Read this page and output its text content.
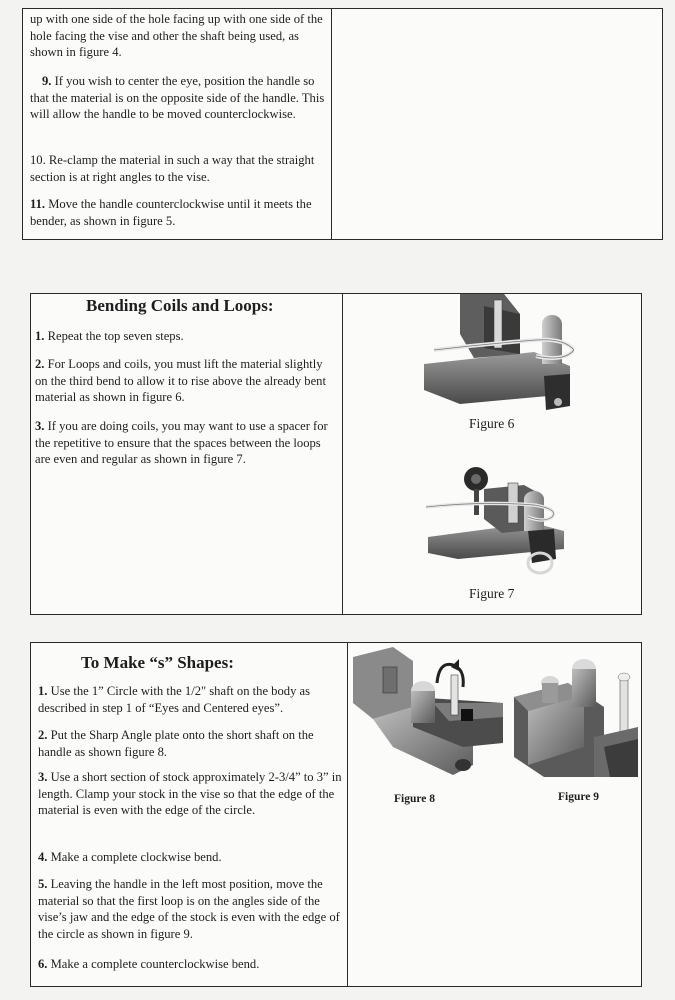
up with one side of the hole facing up with one side of the hole facing the vise and other the shaft being used, as shown in figure 4.

9. If you wish to center the eye, position the handle so that the material is on the opposite side of the handle. This will allow the handle to be moved counterclockwise.

10. Re-clamp the material in such a way that the straight section is at right angles to the vise.

11. Move the handle counterclockwise until it meets the bender, as shown in figure 5.

Bending Coils and Loops:

1. Repeat the top seven steps.

2. For Loops and coils, you must lift the material slightly on the third bend to allow it to rise above the already bent material as shown in figure 6.

3. If you are doing coils, you may want to use a spacer for the repetitive to ensure that the spaces between the loops are even and regular as shown in figure 7.

Figure 6
Figure 7
To Make “s” Shapes:

1. Use the 1” Circle with the 1/2" shaft on the body as described in step 1 of “Eyes and Centered eyes”.

2. Put the Sharp Angle plate onto the short shaft on the handle as shown figure 8.

3. Use a short section of stock approximately 2-3/4” to 3” in length. Clamp your stock in the vise so that the edge of the material is even with the edge of the circle.

4. Make a complete clockwise bend.

5. Leaving the handle in the left most position, move the material so that the first loop is on the angles side of the vise’s jaw and the edge of the stock is even with the edge of the circle as shown in figure 9.

6. Make a complete counterclockwise bend.

Figure 8	Figure 9
